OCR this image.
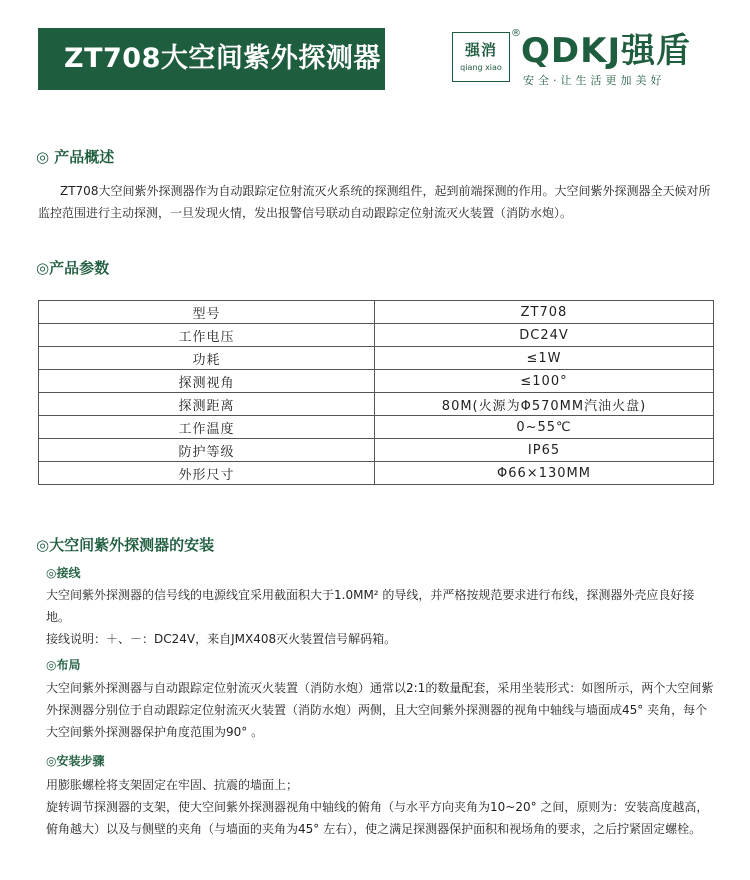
ZT708大空间紫外探测器	强消
qiang xiao
® QDKJ强盾
安全·让生活更加美好
◎ 产品概述
ZT708大空间紫外探测器作为自动跟踪定位射流灭火系统的探测组件，起到前端探测的作用。大空间紫外探测器全天候对所监控范围进行主动探测，一旦发现火情，发出报警信号联动自动跟踪定位射流灭火装置（消防水炮）。
◎产品参数
型号	ZT708
工作电压	DC24V
功耗	≤1W
探测视角	≤100°
探测距离	80M(火源为Φ570MM汽油火盘)
工作温度	0~55℃
防护等级	IP65
外形尺寸	Φ66×130MM
◎大空间紫外探测器的安装
◎接线
大空间紫外探测器的信号线的电源线宜采用截面积大于1.0MM² 的导线，并严格按规范要求进行布线，探测器外壳应良好接地。
接线说明：＋、－：DC24V，来自JMX408灭火装置信号解码箱。
◎布局
大空间紫外探测器与自动跟踪定位射流灭火装置（消防水炮）通常以2:1的数量配套，采用坐装形式：如图所示，两个大空间紫外探测器分别位于自动跟踪定位射流灭火装置（消防水炮）两侧，且大空间紫外探测器的视角中轴线与墙面成45° 夹角，每个大空间紫外探测器保护角度范围为90° 。
◎安装步骤
用膨胀螺栓将支架固定在牢固、抗震的墙面上；
旋转调节探测器的支架，使大空间紫外探测器视角中轴线的俯角（与水平方向夹角为10~20° 之间，原则为：安装高度越高，俯角越大）以及与侧壁的夹角（与墙面的夹角为45° 左右），使之满足探测器保护面积和视场角的要求，之后拧紧固定螺栓。
